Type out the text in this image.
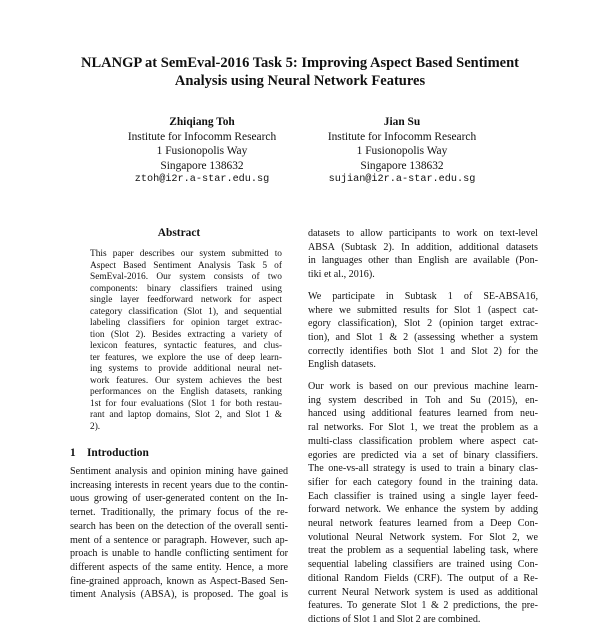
NLANGP at SemEval-2016 Task 5: Improving Aspect Based Sentiment
Analysis using Neural Network Features
Zhiqiang Toh
Institute for Infocomm Research
1 Fusionopolis Way
Singapore 138632
ztoh@i2r.a-star.edu.sg
Jian Su
Institute for Infocomm Research
1 Fusionopolis Way
Singapore 138632
sujian@i2r.a-star.edu.sg
Abstract
This paper describes our system submitted to
Aspect Based Sentiment Analysis Task 5 of
SemEval-2016. Our system consists of two
components: binary classifiers trained using
single layer feedforward network for aspect
category classification (Slot 1), and sequential
labeling classifiers for opinion target extrac-
tion (Slot 2). Besides extracting a variety of
lexicon features, syntactic features, and clus-
ter features, we explore the use of deep learn-
ing systems to provide additional neural net-
work features. Our system achieves the best
performances on the English datasets, ranking
1st for four evaluations (Slot 1 for both restau-
rant and laptop domains, Slot 2, and Slot 1 &
2).
1 Introduction
Sentiment analysis and opinion mining have gained
increasing interests in recent years due to the contin-
uous growing of user-generated content on the In-
ternet. Traditionally, the primary focus of the re-
search has been on the detection of the overall senti-
ment of a sentence or paragraph. However, such ap-
proach is unable to handle conflicting sentiment for
different aspects of the same entity. Hence, a more
fine-grained approach, known as Aspect-Based Sen-
timent Analysis (ABSA), is proposed. The goal is
datasets to allow participants to work on text-level
ABSA (Subtask 2). In addition, additional datasets
in languages other than English are available (Pon-
tiki et al., 2016).
We participate in Subtask 1 of SE-ABSA16,
where we submitted results for Slot 1 (aspect cat-
egory classification), Slot 2 (opinion target extrac-
tion), and Slot 1 & 2 (assessing whether a system
correctly identifies both Slot 1 and Slot 2) for the
English datasets.
Our work is based on our previous machine learn-
ing system described in Toh and Su (2015), en-
hanced using additional features learned from neu-
ral networks. For Slot 1, we treat the problem as a
multi-class classification problem where aspect cat-
egories are predicted via a set of binary classifiers.
The one-vs-all strategy is used to train a binary clas-
sifier for each category found in the training data.
Each classifier is trained using a single layer feed-
forward network. We enhance the system by adding
neural network features learned from a Deep Con-
volutional Neural Network system. For Slot 2, we
treat the problem as a sequential labeling task, where
sequential labeling classifiers are trained using Con-
ditional Random Fields (CRF). The output of a Re-
current Neural Network system is used as additional
features. To generate Slot 1 & 2 predictions, the pre-
dictions of Slot 1 and Slot 2 are combined.
